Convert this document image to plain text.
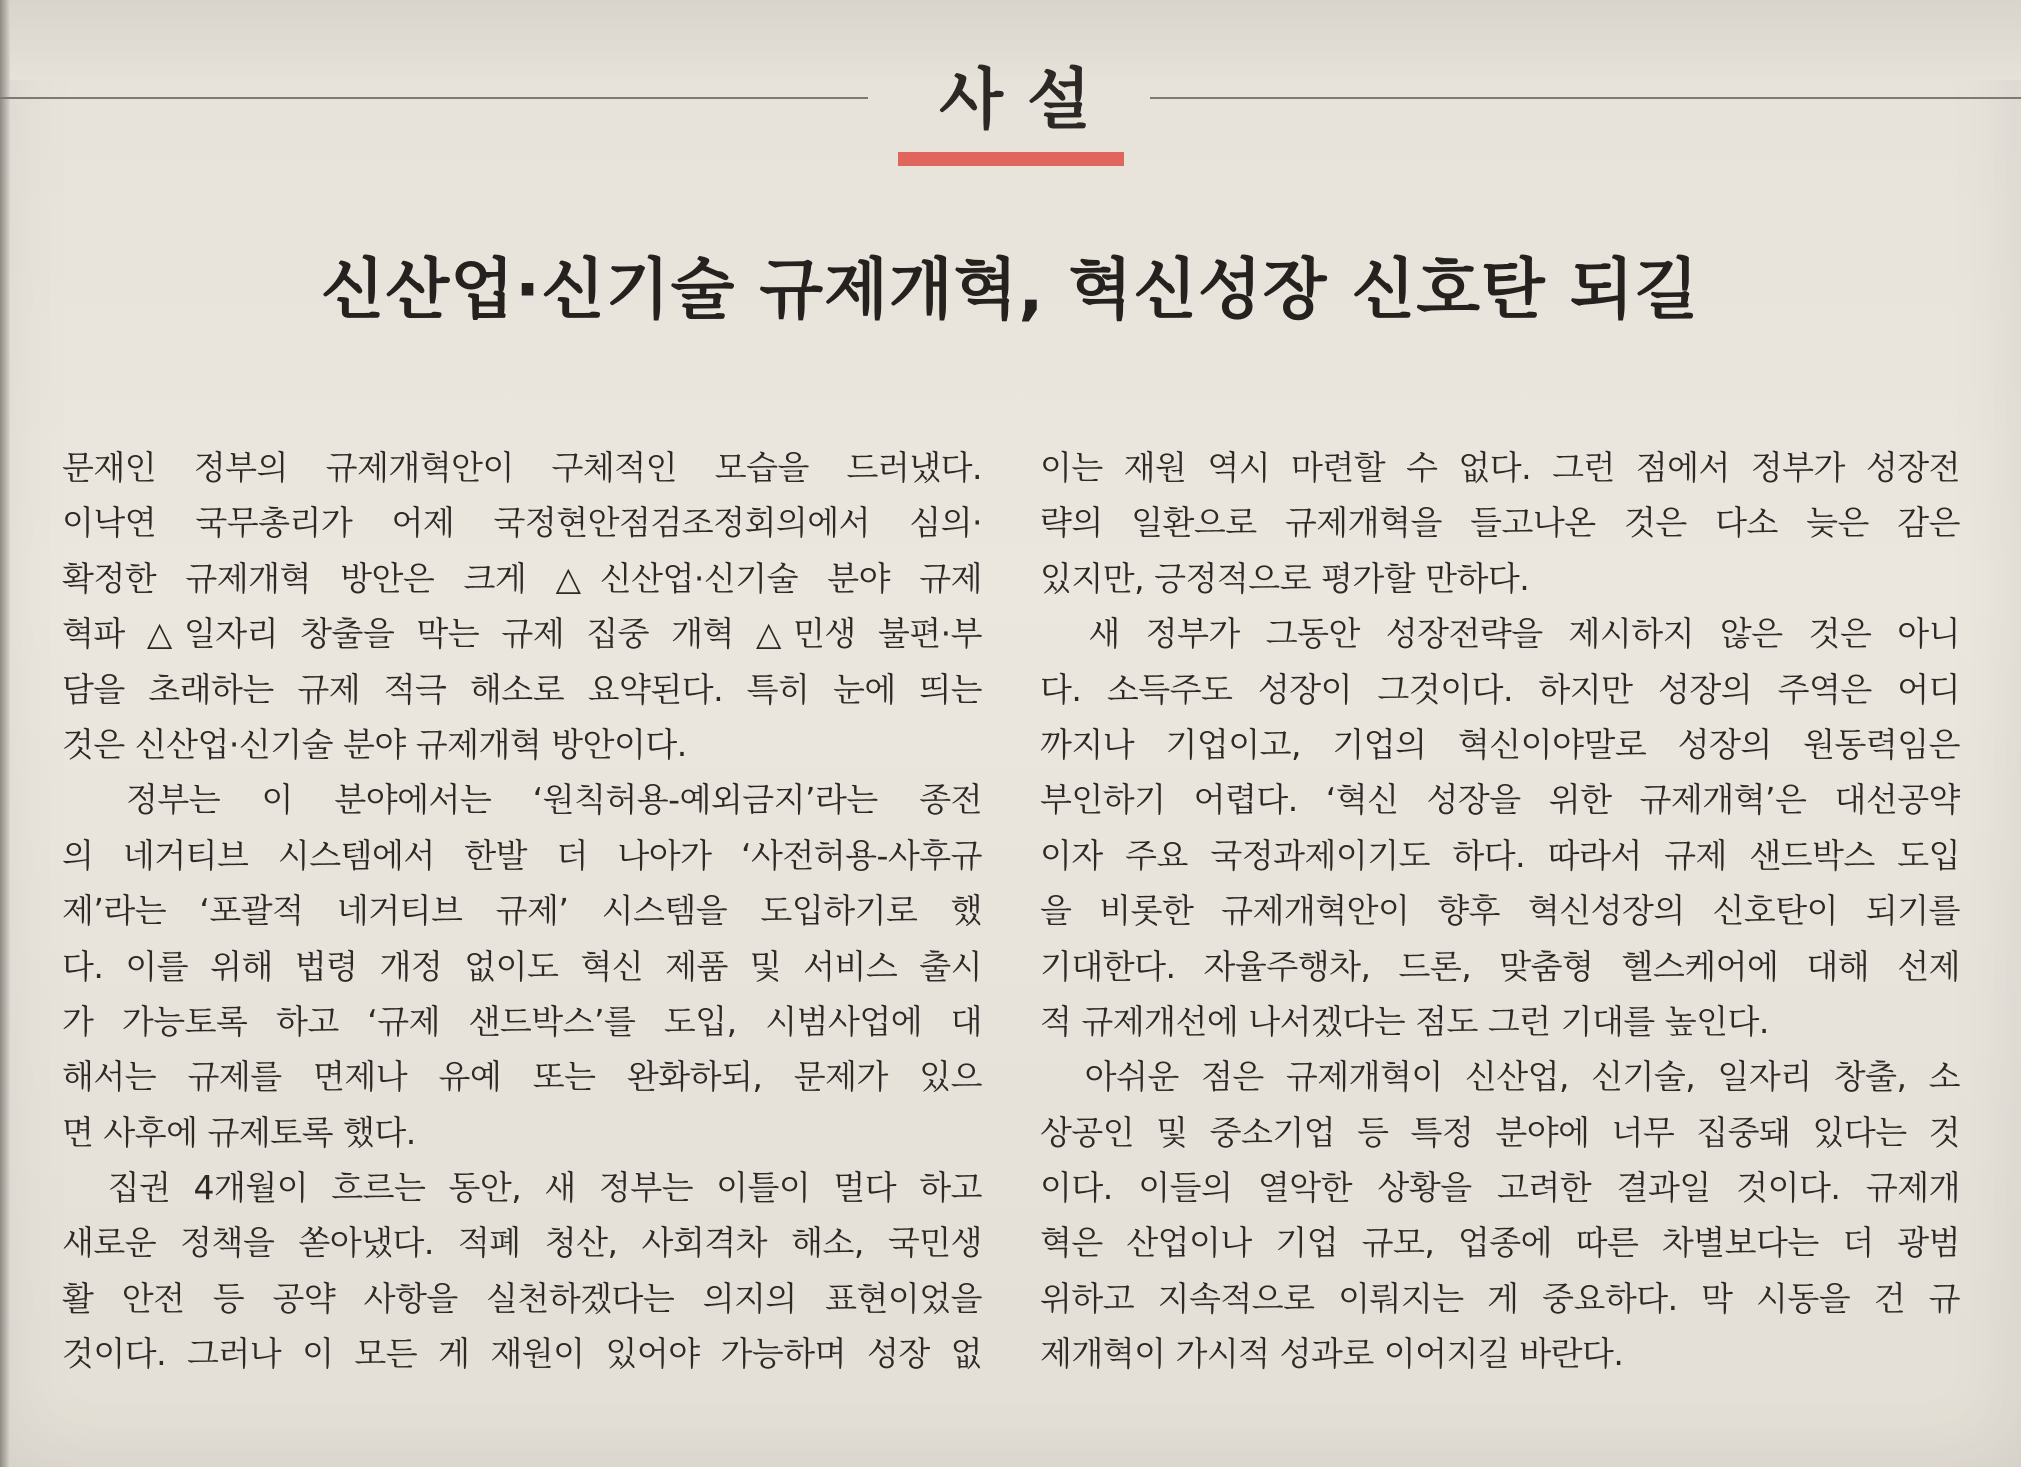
사설
신산업·신기술 규제개혁, 혁신성장 신호탄 되길
문재인 정부의 규제개혁안이 구체적인 모습을 드러냈다.
이낙연 국무총리가 어제 국정현안점검조정회의에서 심의·
확정한 규제개혁 방안은 크게 △신산업·신기술 분야 규제
혁파 △일자리 창출을 막는 규제 집중 개혁 △민생 불편·부
담을 초래하는 규제 적극 해소로 요약된다. 특히 눈에 띄는
것은 신산업·신기술 분야 규제개혁 방안이다.
　정부는 이 분야에서는 ‘원칙허용-예외금지’라는 종전
의 네거티브 시스템에서 한발 더 나아가 ‘사전허용-사후규
제’라는 ‘포괄적 네거티브 규제’ 시스템을 도입하기로 했
다. 이를 위해 법령 개정 없이도 혁신 제품 및 서비스 출시
가 가능토록 하고 ‘규제 샌드박스’를 도입, 시범사업에 대
해서는 규제를 면제나 유예 또는 완화하되, 문제가 있으
면 사후에 규제토록 했다.
　집권 4개월이 흐르는 동안, 새 정부는 이틀이 멀다 하고
새로운 정책을 쏟아냈다. 적폐 청산, 사회격차 해소, 국민생
활 안전 등 공약 사항을 실천하겠다는 의지의 표현이었을
것이다. 그러나 이 모든 게 재원이 있어야 가능하며 성장 없
이는 재원 역시 마련할 수 없다. 그런 점에서 정부가 성장전
략의 일환으로 규제개혁을 들고나온 것은 다소 늦은 감은
있지만, 긍정적으로 평가할 만하다.
　새 정부가 그동안 성장전략을 제시하지 않은 것은 아니
다. 소득주도 성장이 그것이다. 하지만 성장의 주역은 어디
까지나 기업이고, 기업의 혁신이야말로 성장의 원동력임은
부인하기 어렵다. ‘혁신 성장을 위한 규제개혁’은 대선공약
이자 주요 국정과제이기도 하다. 따라서 규제 샌드박스 도입
을 비롯한 규제개혁안이 향후 혁신성장의 신호탄이 되기를
기대한다. 자율주행차, 드론, 맞춤형 헬스케어에 대해 선제
적 규제개선에 나서겠다는 점도 그런 기대를 높인다.
　아쉬운 점은 규제개혁이 신산업, 신기술, 일자리 창출, 소
상공인 및 중소기업 등 특정 분야에 너무 집중돼 있다는 것
이다. 이들의 열악한 상황을 고려한 결과일 것이다. 규제개
혁은 산업이나 기업 규모, 업종에 따른 차별보다는 더 광범
위하고 지속적으로 이뤄지는 게 중요하다. 막 시동을 건 규
제개혁이 가시적 성과로 이어지길 바란다.
